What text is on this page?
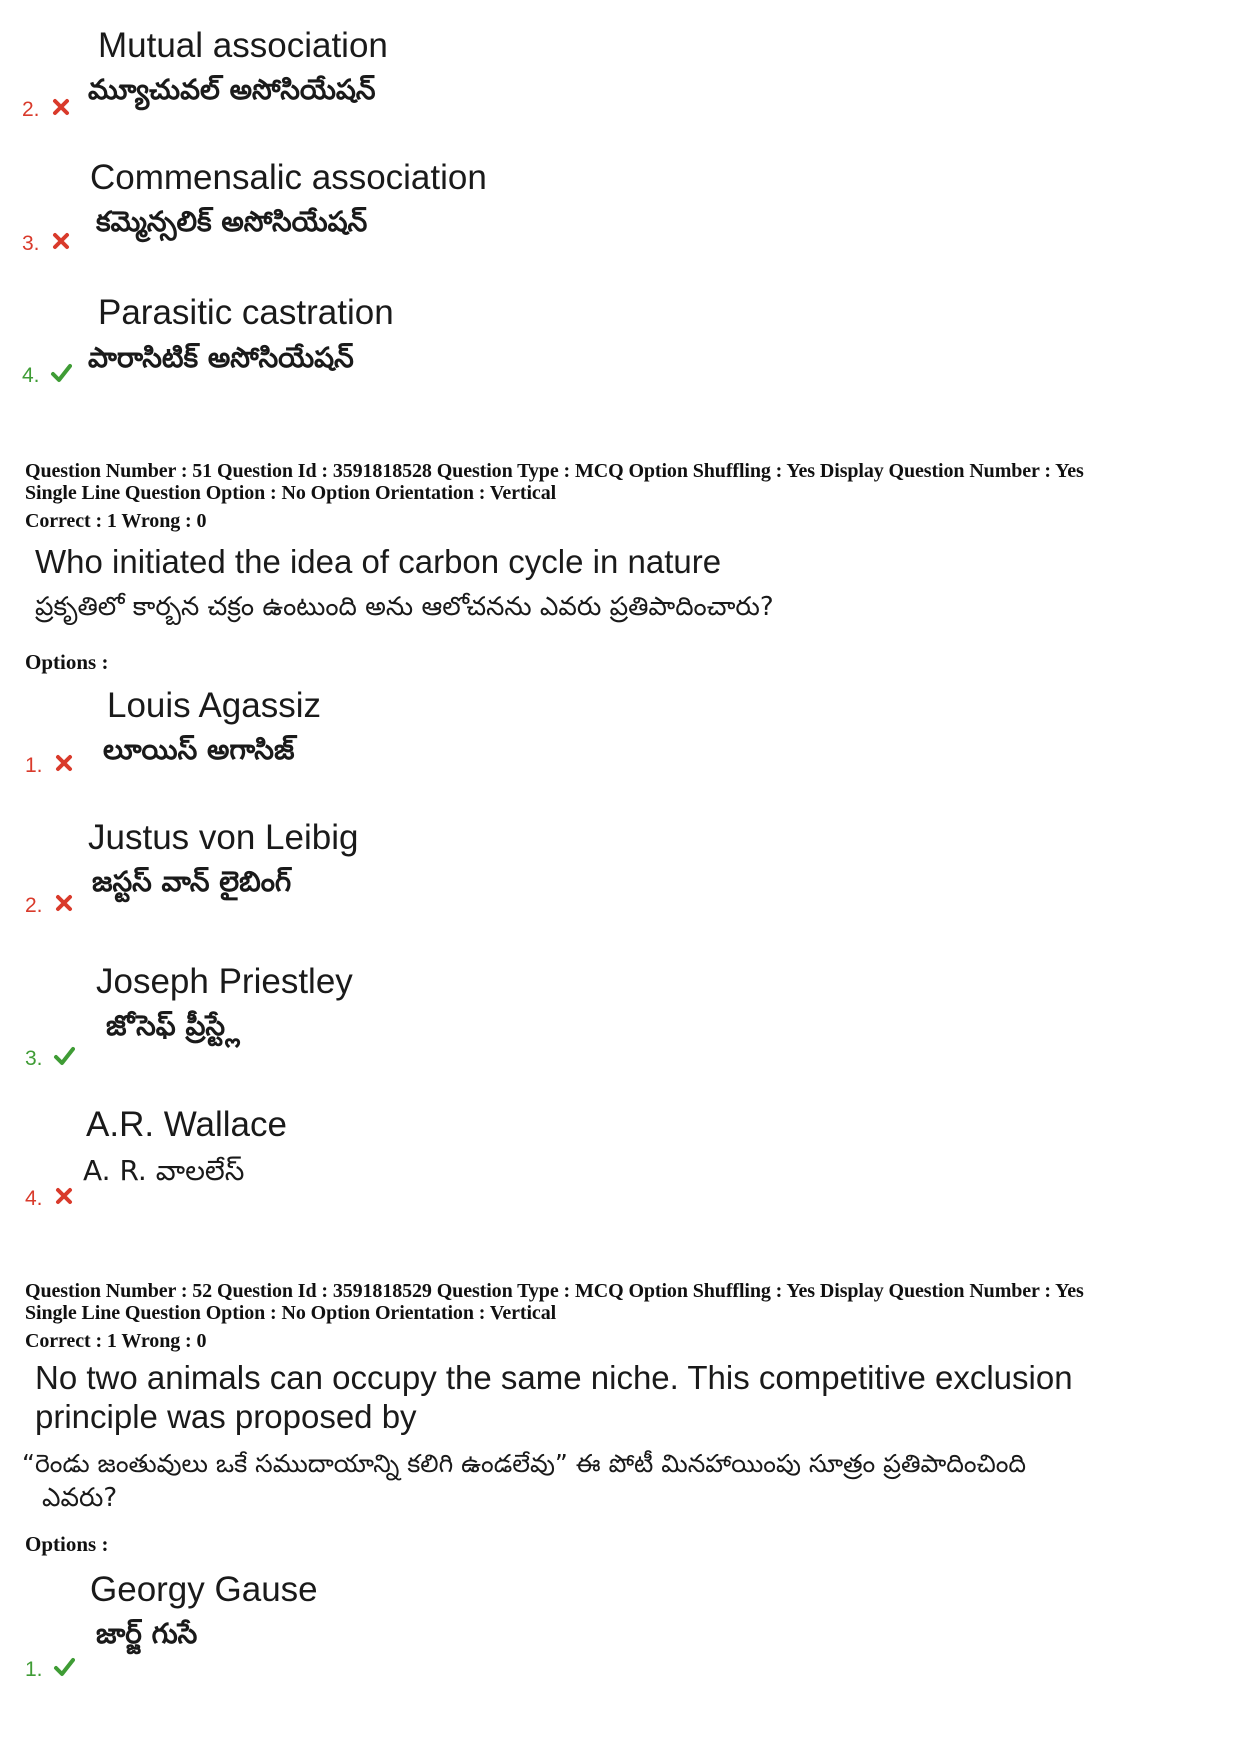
Mutual association
మ్యూచువల్ అసోసియేషన్
2.
Commensalic association
కమ్మెన్సలిక్ అసోసియేషన్
3.
Parasitic castration
పారాసిటిక్ అసోసియేషన్
4.
Question Number : 51 Question Id : 3591818528 Question Type : MCQ Option Shuffling : Yes Display Question Number : Yes
Single Line Question Option : No Option Orientation : Vertical
Correct : 1 Wrong : 0
Who initiated the idea of carbon cycle in nature
ప్రకృతిలో కార్బన చక్రం ఉంటుంది అను ఆలోచనను ఎవరు ప్రతిపాదించారు?
Options :
Louis Agassiz
లూయిస్ అగాసిజ్
1.
Justus von Leibig
జస్టస్ వాన్ లైబింగ్
2.
Joseph Priestley
జోసెఫ్ ప్రీస్ట్లే
3.
A.R. Wallace
A. R. వాలలేస్
4.
Question Number : 52 Question Id : 3591818529 Question Type : MCQ Option Shuffling : Yes Display Question Number : Yes
Single Line Question Option : No Option Orientation : Vertical
Correct : 1 Wrong : 0
No two animals can occupy the same niche. This competitive exclusion
principle was proposed by
“రెండు జంతువులు ఒకే సముదాయాన్ని కలిగి ఉండలేవు” ఈ పోటీ మినహాయింపు సూత్రం ప్రతిపాదించింది
ఎవరు?
Options :
Georgy Gause
జార్జ్ గుసే
1.
